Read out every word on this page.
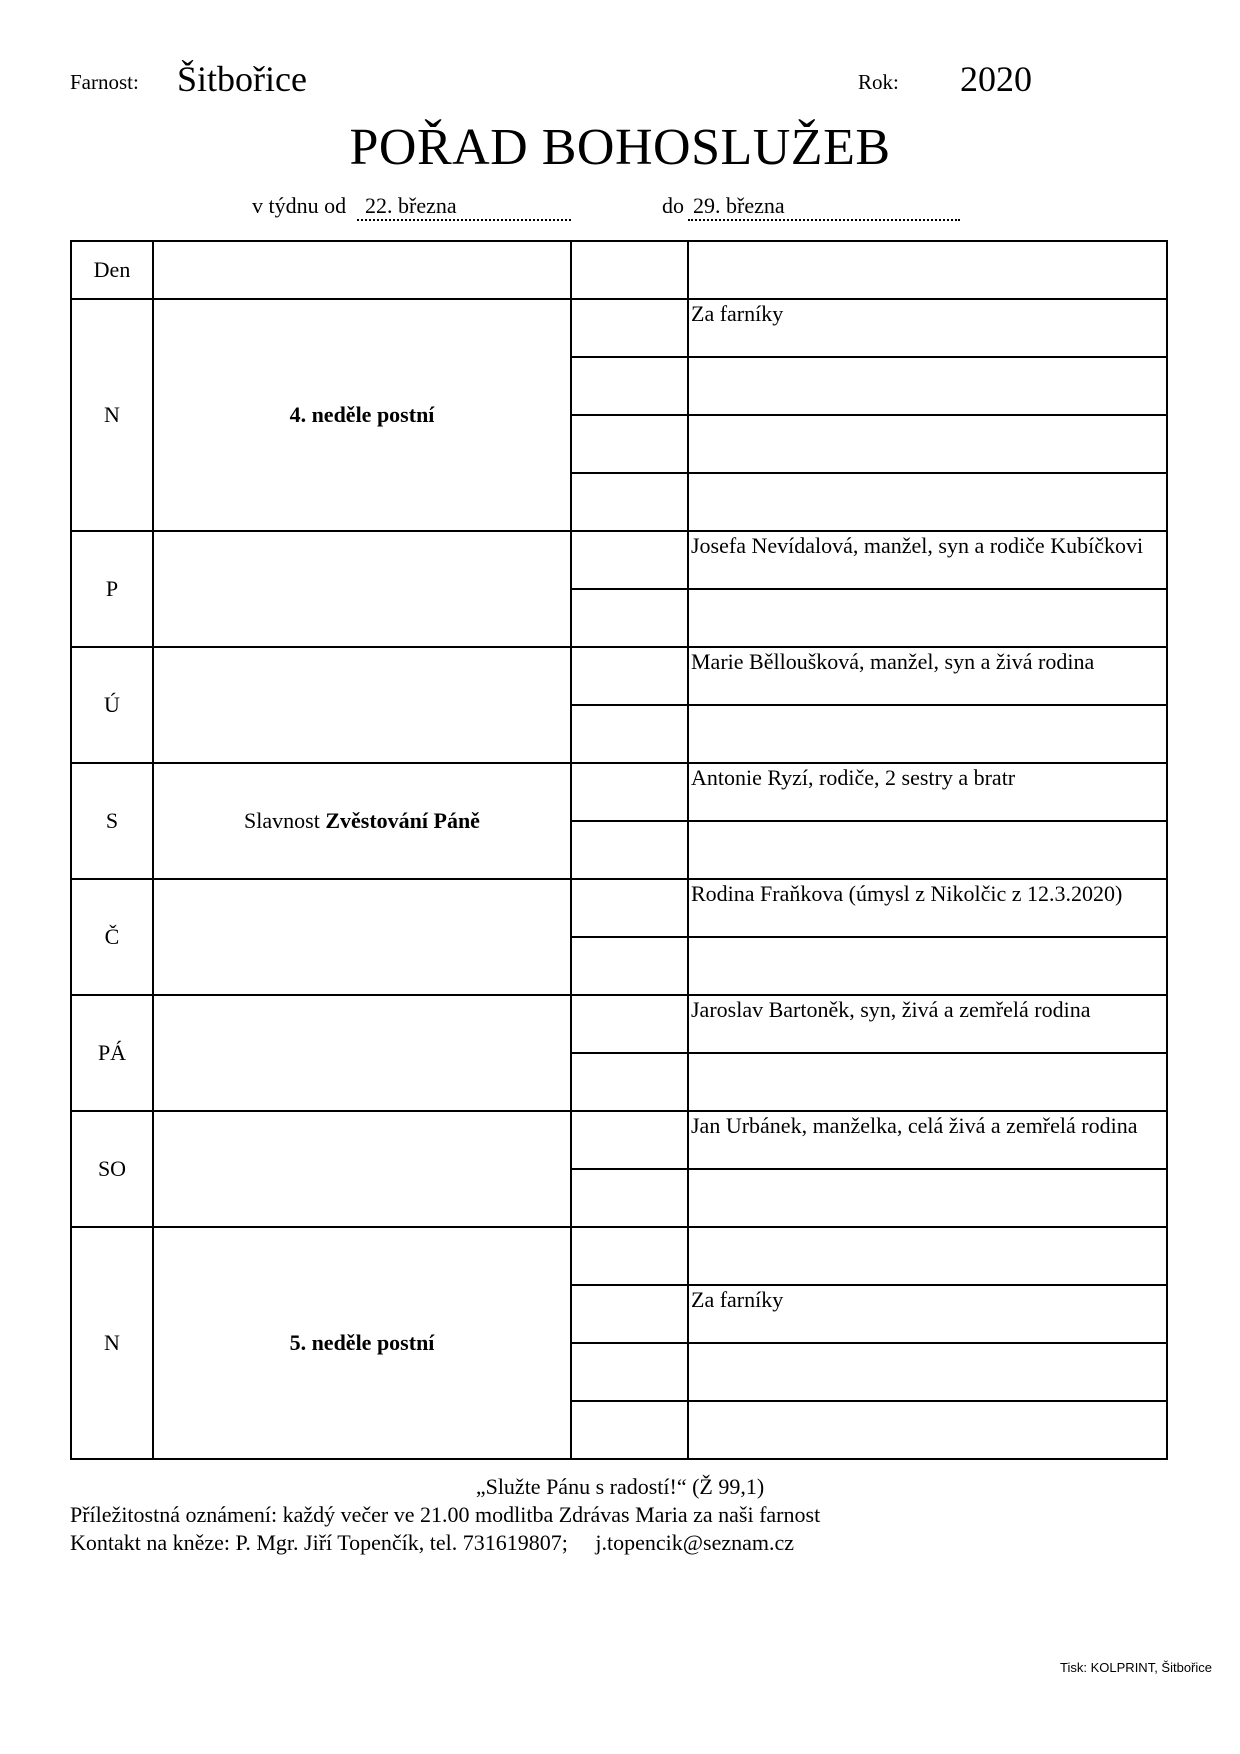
Farnost: Šitbořice	Rok: 2020
POŘAD BOHOSLUŽEB
v týdnu od 22. března	do 29. března
Den			
N	4. neděle postní		Za farníky

P			Josefa Nevídalová, manžel, syn a rodiče Kubíčkovi

Ú			Marie Bělloušková, manžel, syn a živá rodina

S	Slavnost Zvěstování Páně		Antonie Ryzí, rodiče, 2 sestry a bratr

Č			Rodina Fraňkova (úmysl z Nikolčic z 12.3.2020)

PÁ			Jaroslav Bartoněk, syn, živá a zemřelá rodina

SO			Jan Urbánek, manželka, celá živá a zemřelá rodina

N	5. neděle postní		

			Za farníky

„Služte Pánu s radostí!“ (Ž 99,1)
Příležitostná oznámení: každý večer ve 21.00 modlitba Zdrávas Maria za naši farnost
Kontakt na kněze: P. Mgr. Jiří Topenčík, tel. 731619807;     j.topencik@seznam.cz
Tisk: KOLPRINT, Šitbořice
